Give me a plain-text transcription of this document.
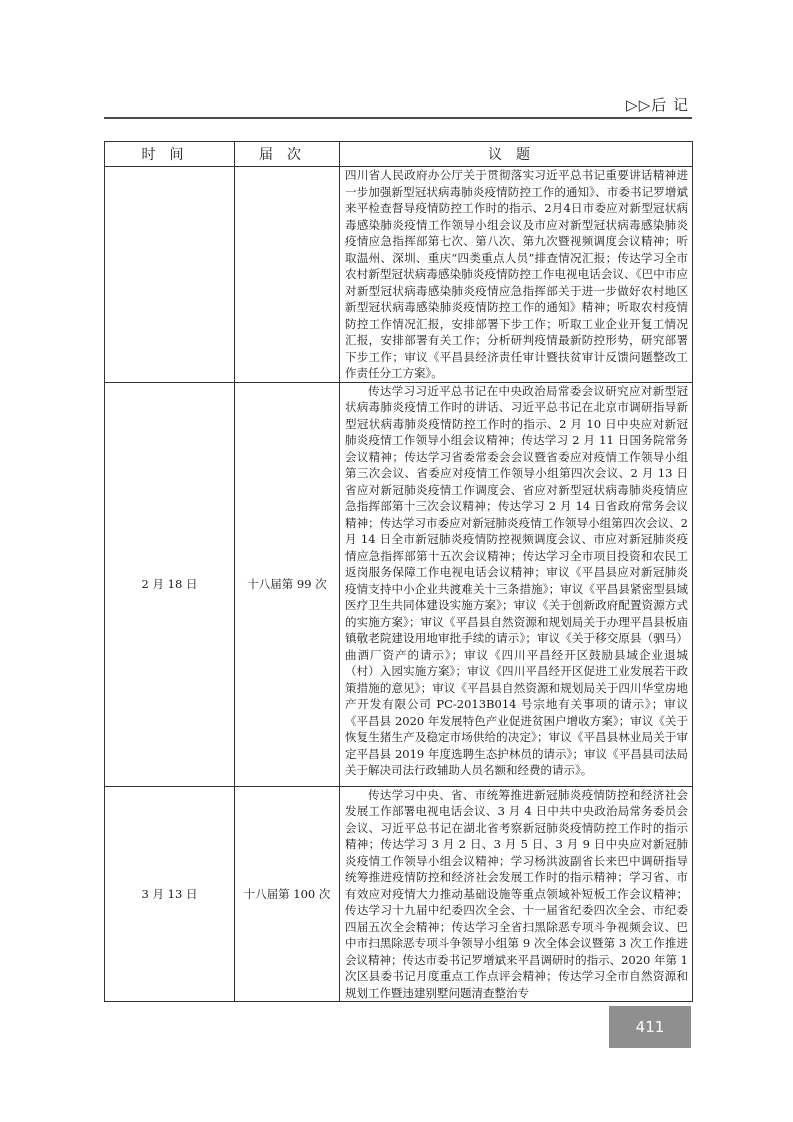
▷▷后 记
时间	届次	议题
		四川省人民政府办公厅关于贯彻落实习近平总书记重要讲话精神进一步加强新型冠状病毒肺炎疫情防控工作的通知》、市委书记罗增斌来平检查督导疫情防控工作时的指示、2月4日市委应对新型冠状病毒感染肺炎疫情工作领导小组会议及市应对新型冠状病毒感染肺炎疫情应急指挥部第七次、第八次、第九次暨视频调度会议精神；听取温州、深圳、重庆“四类重点人员”排查情况汇报；传达学习全市农村新型冠状病毒感染肺炎疫情防控工作电视电话会议、《巴中市应对新型冠状病毒感染肺炎疫情应急指挥部关于进一步做好农村地区新型冠状病毒感染肺炎疫情防控工作的通知》精神；听取农村疫情防控工作情况汇报，安排部署下步工作；听取工业企业开复工情况汇报，安排部署有关工作；分析研判疫情最新防控形势，研究部署下步工作；审议《平昌县经济责任审计暨扶贫审计反馈问题整改工作责任分工方案》。
2 月 18 日	十八届第 99 次	传达学习习近平总书记在中央政治局常委会议研究应对新型冠状病毒肺炎疫情工作时的讲话、习近平总书记在北京市调研指导新型冠状病毒肺炎疫情防控工作时的指示、2 月 10 日中央应对新冠肺炎疫情工作领导小组会议精神；传达学习 2 月 11 日国务院常务会议精神；传达学习省委常委会会议暨省委应对疫情工作领导小组第三次会议、省委应对疫情工作领导小组第四次会议、2 月 13 日省应对新冠肺炎疫情工作调度会、省应对新型冠状病毒肺炎疫情应急指挥部第十三次会议精神；传达学习 2 月 14 日省政府常务会议精神；传达学习市委应对新冠肺炎疫情工作领导小组第四次会议、2 月 14 日全市新冠肺炎疫情防控视频调度会议、市应对新冠肺炎疫情应急指挥部第十五次会议精神；传达学习全市项目投资和农民工返岗服务保障工作电视电话会议精神；审议《平昌县应对新冠肺炎疫情支持中小企业共渡难关十三条措施》；审议《平昌县紧密型县域医疗卫生共同体建设实施方案》；审议《关于创新政府配置资源方式的实施方案》；审议《平昌县自然资源和规划局关于办理平昌县板庙镇敬老院建设用地审批手续的请示》；审议《关于移交原县（驷马）曲酒厂资产的请示》；审议《四川平昌经开区鼓励县域企业退城（村）入园实施方案》；审议《四川平昌经开区促进工业发展若干政策措施的意见》；审议《平昌县自然资源和规划局关于四川华堂房地产开发有限公司 PC-2013B014 号宗地有关事项的请示》；审议《平昌县 2020 年发展特色产业促进贫困户增收方案》；审议《关于恢复生猪生产及稳定市场供给的决定》；审议《平昌县林业局关于审定平昌县 2019 年度选聘生态护林员的请示》；审议《平昌县司法局关于解决司法行政辅助人员名额和经费的请示》。
3 月 13 日	十八届第 100 次	传达学习中央、省、市统筹推进新冠肺炎疫情防控和经济社会发展工作部署电视电话会议、3 月 4 日中共中央政治局常务委员会会议、习近平总书记在湖北省考察新冠肺炎疫情防控工作时的指示精神；传达学习 3 月 2 日、3 月 5 日、3 月 9 日中央应对新冠肺炎疫情工作领导小组会议精神；学习杨洪波副省长来巴中调研指导统筹推进疫情防控和经济社会发展工作时的指示精神；学习省、市有效应对疫情大力推动基础设施等重点领域补短板工作会议精神；传达学习十九届中纪委四次全会、十一届省纪委四次全会、市纪委四届五次全会精神；传达学习全省扫黑除恶专项斗争视频会议、巴中市扫黑除恶专项斗争领导小组第 9 次全体会议暨第 3 次工作推进会议精神；传达市委书记罗增斌来平昌调研时的指示、2020 年第 1 次区县委书记月度重点工作点评会精神；传达学习全市自然资源和规划工作暨违建别墅问题清查整治专
411
